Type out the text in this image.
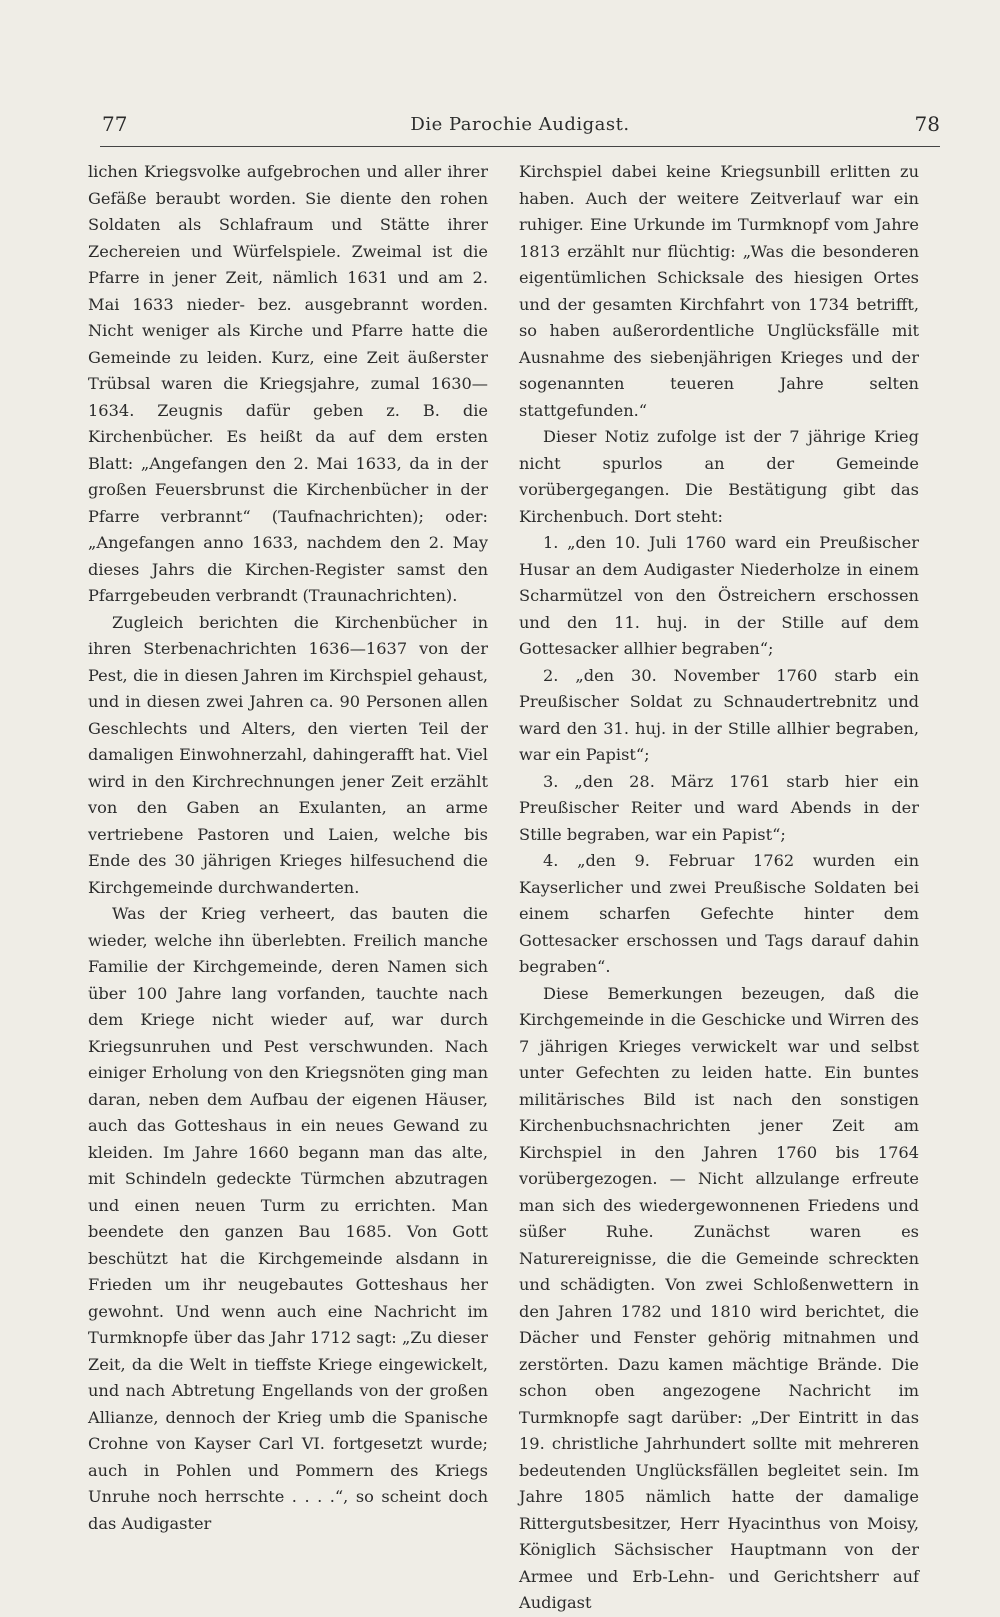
77	Die Parochie Audigast.	78

lichen Kriegsvolke aufgebrochen und aller ihrer Gefäße beraubt worden. Sie diente den rohen Soldaten als Schlafraum und Stätte ihrer Zechereien und Würfelspiele. Zweimal ist die Pfarre in jener Zeit, nämlich 1631 und am 2. Mai 1633 nieder- bez. ausgebrannt worden. Nicht weniger als Kirche und Pfarre hatte die Gemeinde zu leiden. Kurz, eine Zeit äußerster Trübsal waren die Kriegsjahre, zumal 1630—1634. Zeugnis dafür geben z. B. die Kirchenbücher. Es heißt da auf dem ersten Blatt: „Angefangen den 2. Mai 1633, da in der großen Feuersbrunst die Kirchenbücher in der Pfarre verbrannt“ (Taufnachrichten); oder: „Angefangen anno 1633, nachdem den 2. May dieses Jahrs die Kirchen-Register samst den Pfarrgebeuden verbrandt (Traunachrichten).

Zugleich berichten die Kirchenbücher in ihren Sterbenachrichten 1636—1637 von der Pest, die in diesen Jahren im Kirchspiel gehaust, und in diesen zwei Jahren ca. 90 Personen allen Geschlechts und Alters, den vierten Teil der damaligen Einwohnerzahl, dahingerafft hat. Viel wird in den Kirchrechnungen jener Zeit erzählt von den Gaben an Exulanten, an arme vertriebene Pastoren und Laien, welche bis Ende des 30 jährigen Krieges hilfesuchend die Kirchgemeinde durchwanderten.

Was der Krieg verheert, das bauten die wieder, welche ihn überlebten. Freilich manche Familie der Kirchgemeinde, deren Namen sich über 100 Jahre lang vorfanden, tauchte nach dem Kriege nicht wieder auf, war durch Kriegsunruhen und Pest verschwunden. Nach einiger Erholung von den Kriegsnöten ging man daran, neben dem Aufbau der eigenen Häuser, auch das Gotteshaus in ein neues Gewand zu kleiden. Im Jahre 1660 begann man das alte, mit Schindeln gedeckte Türmchen abzutragen und einen neuen Turm zu errichten. Man beendete den ganzen Bau 1685. Von Gott beschützt hat die Kirchgemeinde alsdann in Frieden um ihr neugebautes Gotteshaus her gewohnt. Und wenn auch eine Nachricht im Turmknopfe über das Jahr 1712 sagt: „Zu dieser Zeit, da die Welt in tieffste Kriege eingewickelt, und nach Abtretung Engellands von der großen Allianze, dennoch der Krieg umb die Spanische Crohne von Kayser Carl VI. fortgesetzt wurde; auch in Pohlen und Pommern des Kriegs Unruhe noch herrschte . . . .“, so scheint doch das Audigaster

Kirchspiel dabei keine Kriegsunbill erlitten zu haben. Auch der weitere Zeitverlauf war ein ruhiger. Eine Urkunde im Turmknopf vom Jahre 1813 erzählt nur flüchtig: „Was die besonderen eigentümlichen Schicksale des hiesigen Ortes und der gesamten Kirchfahrt von 1734 betrifft, so haben außerordentliche Unglücksfälle mit Ausnahme des siebenjährigen Krieges und der sogenannten teueren Jahre selten stattgefunden.“

Dieser Notiz zufolge ist der 7 jährige Krieg nicht spurlos an der Gemeinde vorübergegangen. Die Bestätigung gibt das Kirchenbuch. Dort steht:

1. „den 10. Juli 1760 ward ein Preußischer Husar an dem Audigaster Niederholze in einem Scharmützel von den Östreichern erschossen und den 11. huj. in der Stille auf dem Gottesacker allhier begraben“;

2. „den 30. November 1760 starb ein Preußischer Soldat zu Schnaudertrebnitz und ward den 31. huj. in der Stille allhier begraben, war ein Papist“;

3. „den 28. März 1761 starb hier ein Preußischer Reiter und ward Abends in der Stille begraben, war ein Papist“;

4. „den 9. Februar 1762 wurden ein Kayserlicher und zwei Preußische Soldaten bei einem scharfen Gefechte hinter dem Gottesacker erschossen und Tags darauf dahin begraben“.

Diese Bemerkungen bezeugen, daß die Kirchgemeinde in die Geschicke und Wirren des 7 jährigen Krieges verwickelt war und selbst unter Gefechten zu leiden hatte. Ein buntes militärisches Bild ist nach den sonstigen Kirchenbuchsnachrichten jener Zeit am Kirchspiel in den Jahren 1760 bis 1764 vorübergezogen. — Nicht allzulange erfreute man sich des wiedergewonnenen Friedens und süßer Ruhe. Zunächst waren es Naturereignisse, die die Gemeinde schreckten und schädigten. Von zwei Schloßenwettern in den Jahren 1782 und 1810 wird berichtet, die Dächer und Fenster gehörig mitnahmen und zerstörten. Dazu kamen mächtige Brände. Die schon oben angezogene Nachricht im Turmknopfe sagt darüber: „Der Eintritt in das 19. christliche Jahrhundert sollte mit mehreren bedeutenden Unglücksfällen begleitet sein. Im Jahre 1805 nämlich hatte der damalige Rittergutsbesitzer, Herr Hyacinthus von Moisy, Königlich Sächsischer Hauptmann von der Armee und Erb-Lehn- und Gerichtsherr auf Audigast
